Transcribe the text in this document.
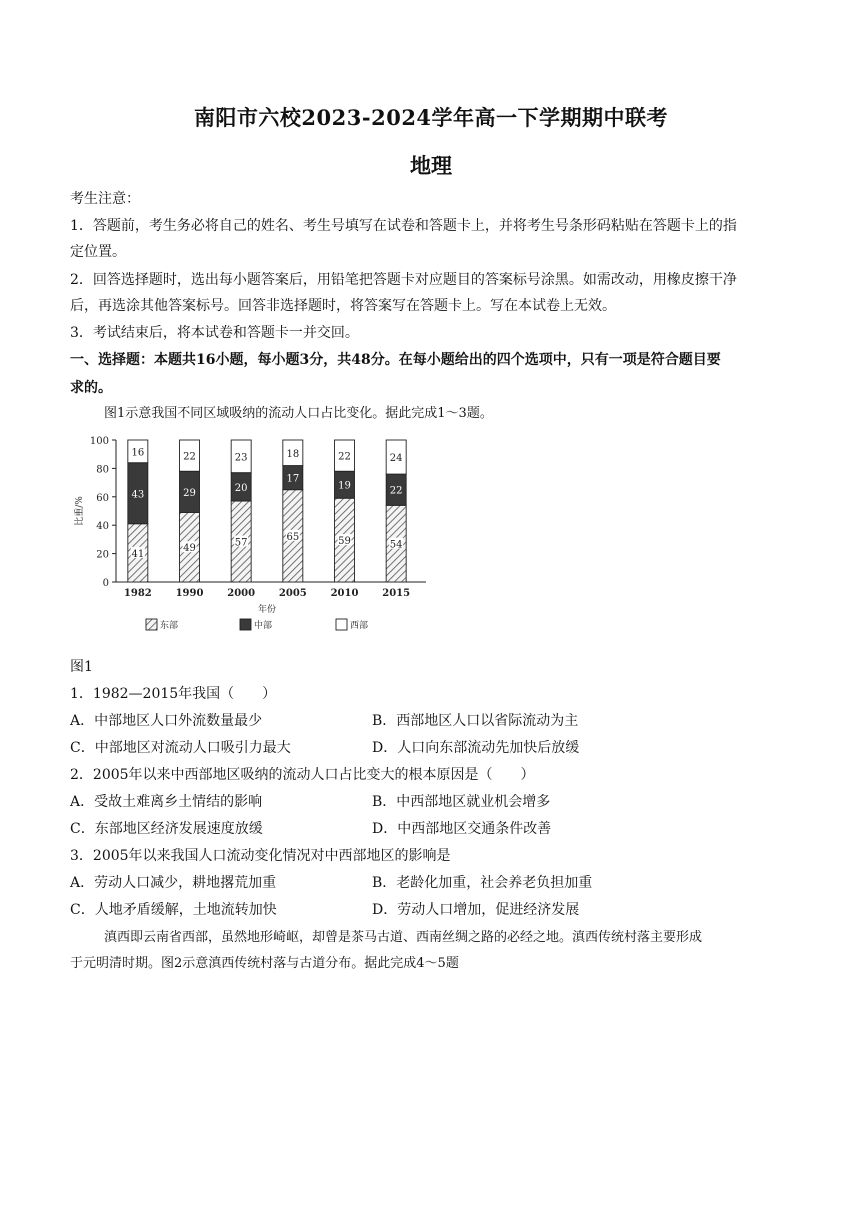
南阳市六校2023-2024学年高一下学期期中联考
地理
考生注意：
1．答题前，考生务必将自己的姓名、考生号填写在试卷和答题卡上，并将考生号条形码粘贴在答题卡上的指
定位置。
2．回答选择题时，选出每小题答案后，用铅笔把答题卡对应题目的答案标号涂黑。如需改动，用橡皮擦干净
后，再选涂其他答案标号。回答非选择题时，将答案写在答题卡上。写在本试卷上无效。
3．考试结束后，将本试卷和答题卡一并交回。
一、选择题：本题共16小题，每小题3分，共48分。在每小题给出的四个选项中，只有一项是符合题目要
求的。
图1示意我国不同区域吸纳的流动人口占比变化。据此完成1～3题。
0
20
40
60
80
100
比重/%
1982 1990 2000 2005 2010 2015
年份
41
43
16
49
29
22
57
20
23
65
17
18
59
19
22
54
22
24
东部	中部	西部
图1
1．1982—2015年我国（　　）
A．中部地区人口外流数量最少	B．西部地区人口以省际流动为主
C．中部地区对流动人口吸引力最大	D．人口向东部流动先加快后放缓
2．2005年以来中西部地区吸纳的流动人口占比变大的根本原因是（　　）
A．受故土难离乡土情结的影响	B．中西部地区就业机会增多
C．东部地区经济发展速度放缓	D．中西部地区交通条件改善
3．2005年以来我国人口流动变化情况对中西部地区的影响是
A．劳动人口减少，耕地撂荒加重	B．老龄化加重，社会养老负担加重
C．人地矛盾缓解，土地流转加快	D．劳动人口增加，促进经济发展
滇西即云南省西部，虽然地形崎岖，却曾是茶马古道、西南丝绸之路的必经之地。滇西传统村落主要形成
于元明清时期。图2示意滇西传统村落与古道分布。据此完成4～5题
